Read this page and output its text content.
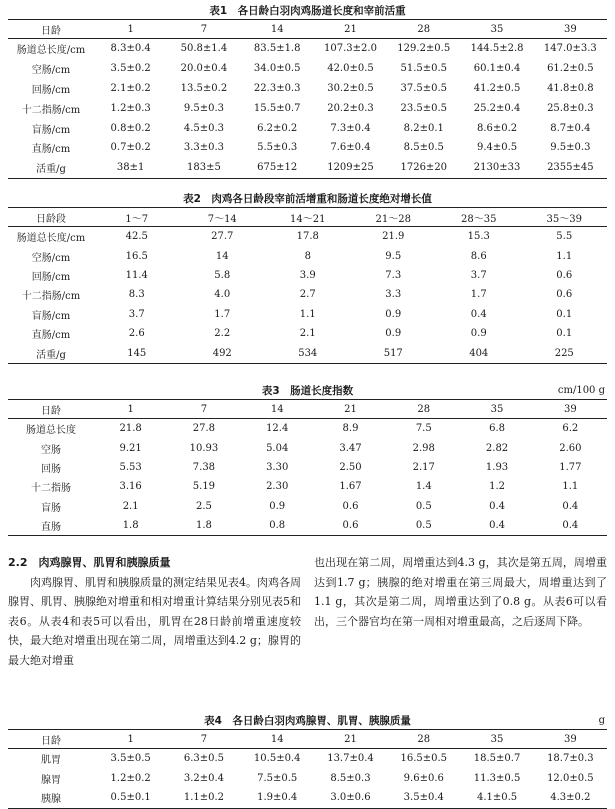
表1　各日龄白羽肉鸡肠道长度和宰前活重
日龄	1	7	14	21	28	35	39
肠道总长度/cm	8.3±0.4	50.8±1.4	83.5±1.8	107.3±2.0	129.2±0.5	144.5±2.8	147.0±3.3
空肠/cm	3.5±0.2	20.0±0.4	34.0±0.5	42.0±0.5	51.5±0.5	60.1±0.4	61.2±0.5
回肠/cm	2.1±0.2	13.5±0.2	22.3±0.3	30.2±0.5	37.5±0.5	41.2±0.5	41.8±0.8
十二指肠/cm	1.2±0.3	9.5±0.3	15.5±0.7	20.2±0.3	23.5±0.5	25.2±0.4	25.8±0.3
盲肠/cm	0.8±0.2	4.5±0.3	6.2±0.2	7.3±0.4	8.2±0.1	8.6±0.2	8.7±0.4
直肠/cm	0.7±0.2	3.3±0.3	5.5±0.3	7.6±0.4	8.5±0.5	9.4±0.5	9.5±0.3
活重/g	38±1	183±5	675±12	1209±25	1726±20	2130±33	2355±45
表2　肉鸡各日龄段宰前活增重和肠道长度绝对增长值
日龄段	1～7	7～14	14～21	21～28	28～35	35～39
肠道总长度/cm	42.5	27.7	17.8	21.9	15.3	5.5
空肠/cm	16.5	14	8	9.5	8.6	1.1
回肠/cm	11.4	5.8	3.9	7.3	3.7	0.6
十二指肠/cm	8.3	4.0	2.7	3.3	1.7	0.6
盲肠/cm	3.7	1.7	1.1	0.9	0.4	0.1
直肠/cm	2.6	2.2	2.1	0.9	0.9	0.1
活重/g	145	492	534	517	404	225
表3　肠道长度指数	cm/100 g
日龄	1	7	14	21	28	35	39
肠道总长度	21.8	27.8	12.4	8.9	7.5	6.8	6.2
空肠	9.21	10.93	5.04	3.47	2.98	2.82	2.60
回肠	5.53	7.38	3.30	2.50	2.17	1.93	1.77
十二指肠	3.16	5.19	2.30	1.67	1.4	1.2	1.1
盲肠	2.1	2.5	0.9	0.6	0.5	0.4	0.4
直肠	1.8	1.8	0.8	0.6	0.5	0.4	0.4
2.2　肉鸡腺胃、肌胃和胰腺质量
肉鸡腺胃、肌胃和胰腺质量的测定结果见表4。肉鸡各周腺胃、肌胃、胰腺绝对增重和相对增重计算结果分别见表5和表6。从表4和表5可以看出，肌胃在28日龄前增重速度较快，最大绝对增重出现在第二周，周增重达到4.2 g；腺胃的最大绝对增重
也出现在第二周，周增重达到4.3 g，其次是第五周，周增重达到1.7 g；胰腺的绝对增重在第三周最大，周增重达到了1.1 g，其次是第二周，周增重达到了0.8 g。从表6可以看出，三个器官均在第一周相对增重最高，之后逐周下降。
表4　各日龄白羽肉鸡腺胃、肌胃、胰腺质量	g
日龄	1	7	14	21	28	35	39
肌胃	3.5±0.5	6.3±0.5	10.5±0.4	13.7±0.4	16.5±0.5	18.5±0.7	18.7±0.3
腺胃	1.2±0.2	3.2±0.4	7.5±0.5	8.5±0.3	9.6±0.6	11.3±0.5	12.0±0.5
胰腺	0.5±0.1	1.1±0.2	1.9±0.4	3.0±0.6	3.5±0.4	4.1±0.5	4.3±0.2
